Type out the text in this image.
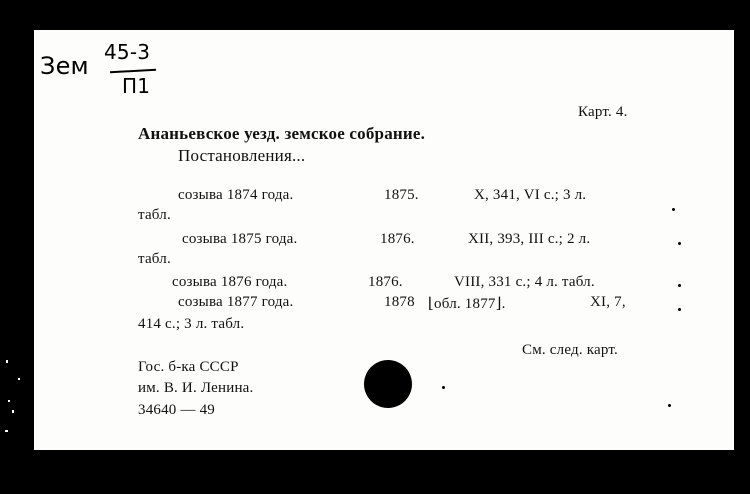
Зем 45-3
П1
Карт. 4.
Ананьевское уезд. земское собрание.
Постановления...
созыва 1874 года.	1875.	X, 341, VI с.; 3 л.
табл.
созыва 1875 года.	1876.	XII, 393, III с.; 2 л.
табл.
созыва 1876 года.	1876.	VIII, 331 с.; 4 л. табл.
созыва 1877 года.	1878 ⌊обл. 1877⌋.	XI, 7,
414 с.; 3 л. табл.
См. след. карт.
Гос. б-ка СССР
им. В. И. Ленина.
34640 — 49
